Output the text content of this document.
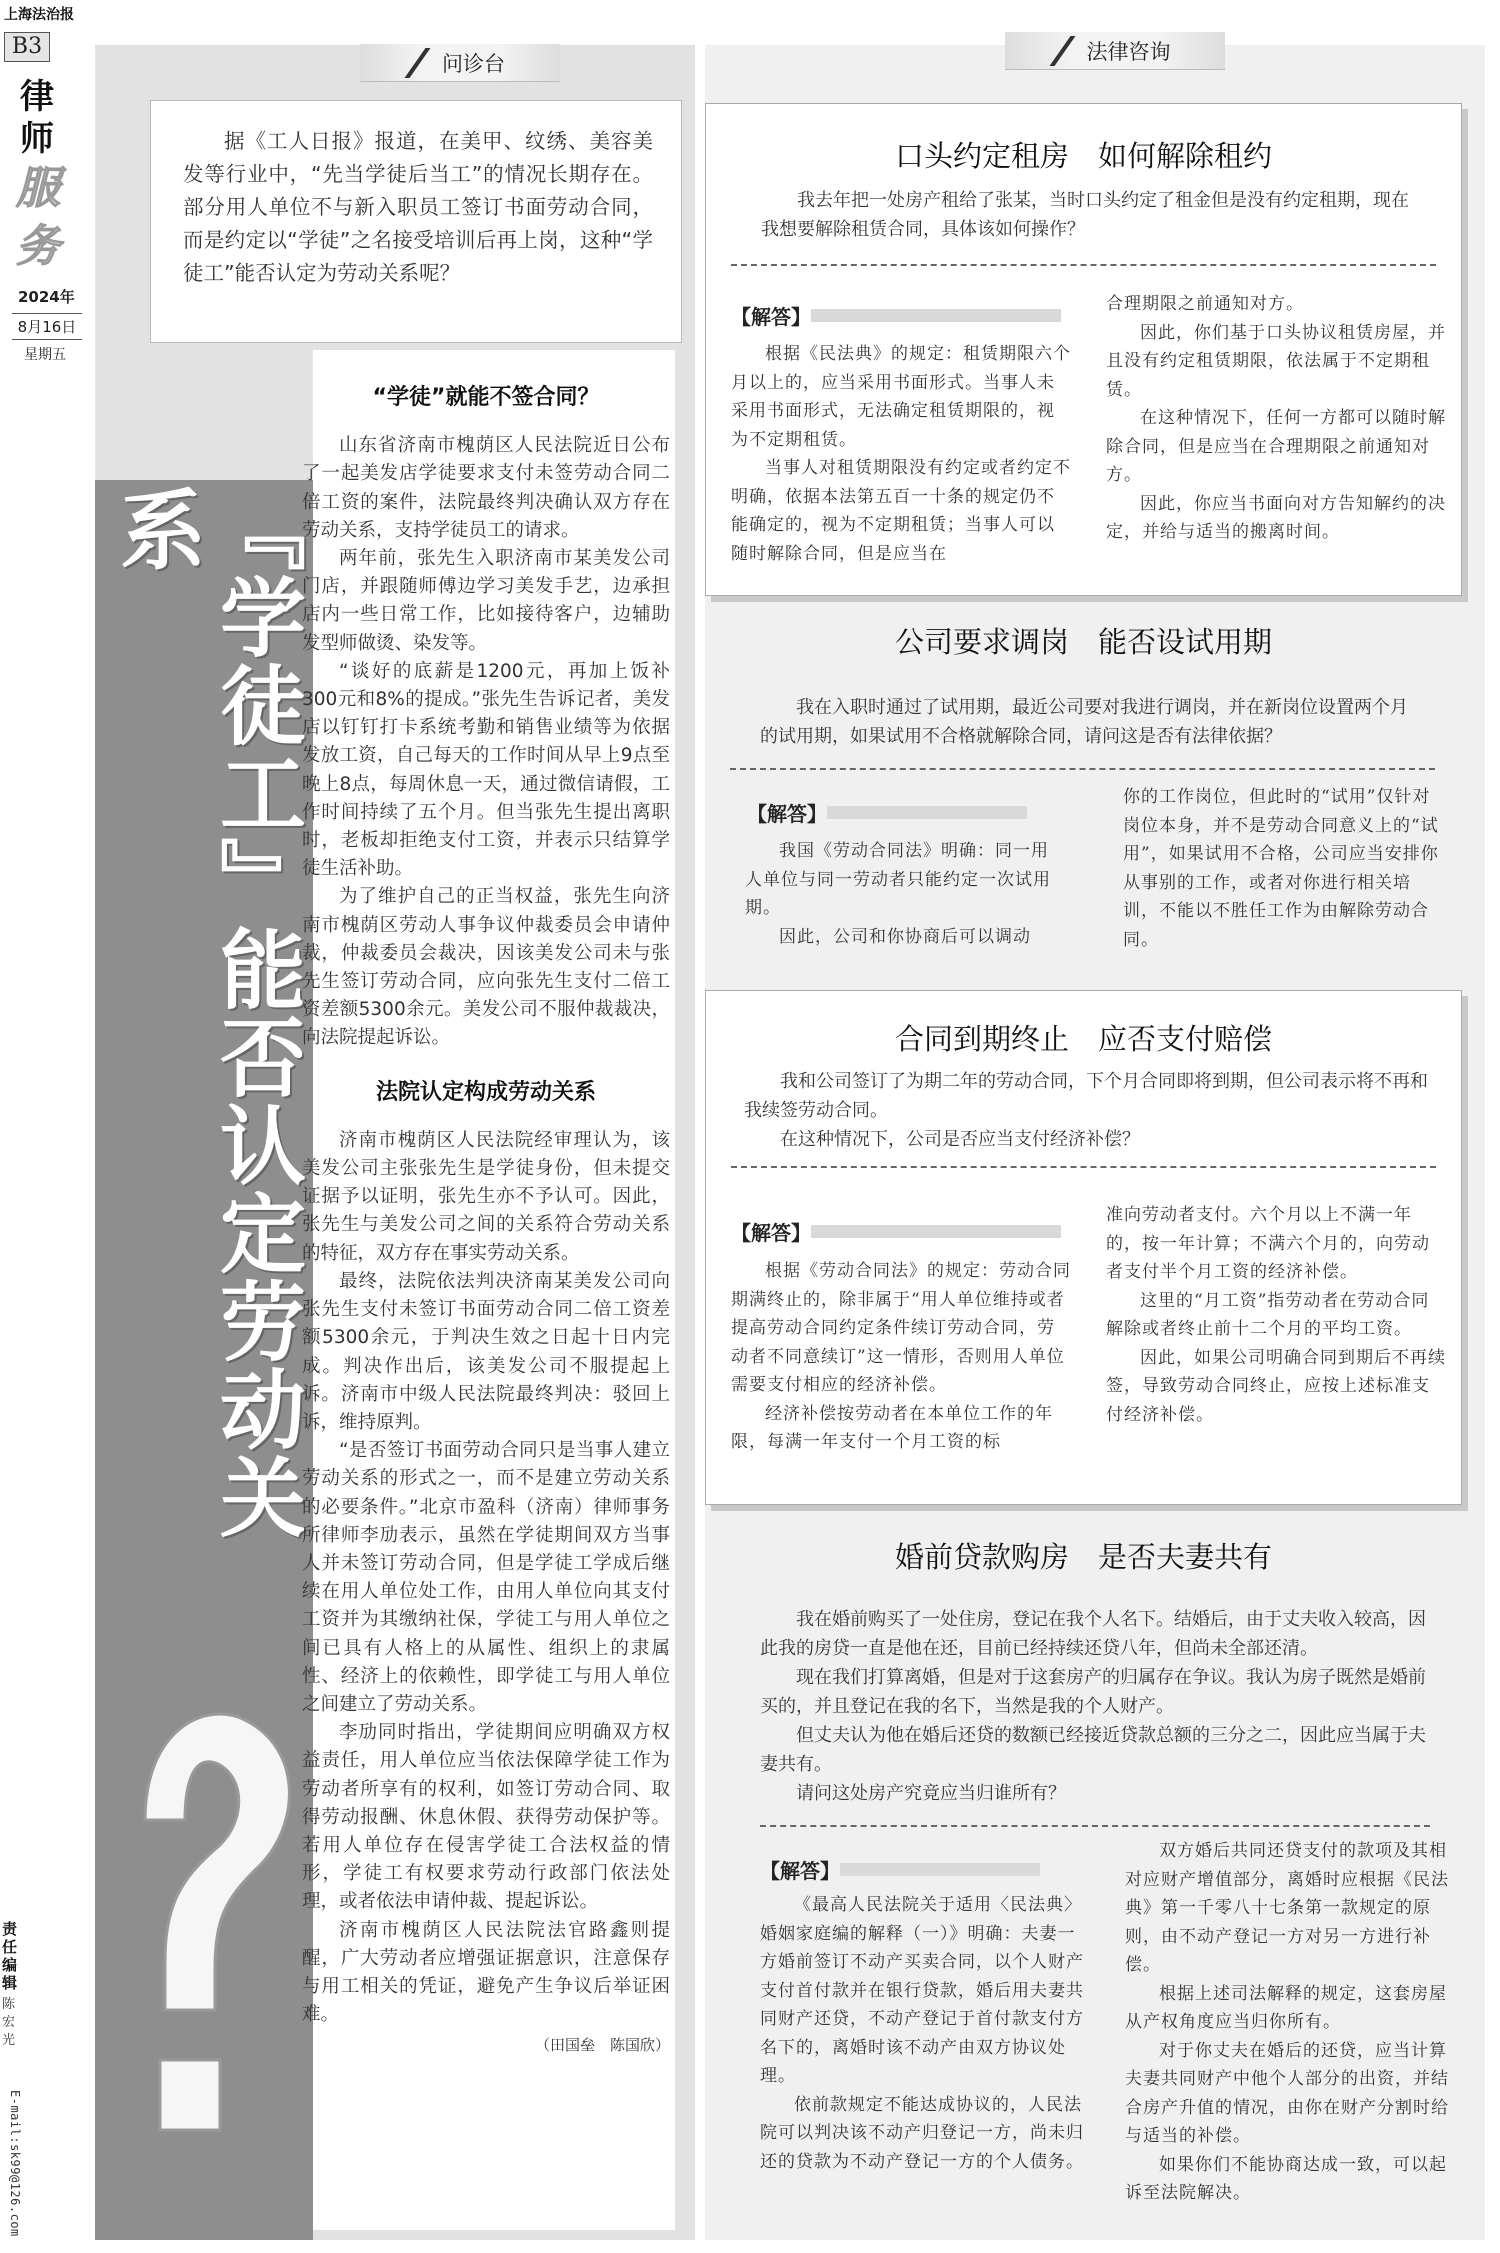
上海法治报
B3
律
师
服
务
2024年
8月16日
星期五
责任编辑
陈宏光
E-mail:sk99@126.com
『学徒工』能否认定劳动关系
问诊台
据《工人日报》报道，在美甲、纹绣、美容美发等行业中，“先当学徒后当工”的情况长期存在。部分用人单位不与新入职员工签订书面劳动合同，而是约定以“学徒”之名接受培训后再上岗，这种“学徒工”能否认定为劳动关系呢？
“学徒”就能不签合同？

山东省济南市槐荫区人民法院近日公布了一起美发店学徒要求支付未签劳动合同二倍工资的案件，法院最终判决确认双方存在劳动关系，支持学徒员工的请求。

两年前，张先生入职济南市某美发公司门店，并跟随师傅边学习美发手艺，边承担店内一些日常工作，比如接待客户，边辅助发型师做烫、染发等。

“谈好的底薪是1200元，再加上饭补300元和8%的提成。”张先生告诉记者，美发店以钉钉打卡系统考勤和销售业绩等为依据发放工资，自己每天的工作时间从早上9点至晚上8点，每周休息一天，通过微信请假，工作时间持续了五个月。但当张先生提出离职时，老板却拒绝支付工资，并表示只结算学徒生活补助。

为了维护自己的正当权益，张先生向济南市槐荫区劳动人事争议仲裁委员会申请仲裁，仲裁委员会裁决，因该美发公司未与张先生签订劳动合同，应向张先生支付二倍工资差额5300余元。美发公司不服仲裁裁决，向法院提起诉讼。

法院认定构成劳动关系

济南市槐荫区人民法院经审理认为，该美发公司主张张先生是学徒身份，但未提交证据予以证明，张先生亦不予认可。因此，张先生与美发公司之间的关系符合劳动关系的特征，双方存在事实劳动关系。

最终，法院依法判决济南某美发公司向张先生支付未签订书面劳动合同二倍工资差额5300余元，于判决生效之日起十日内完成。判决作出后，该美发公司不服提起上诉。济南市中级人民法院最终判决：驳回上诉，维持原判。

“是否签订书面劳动合同只是当事人建立劳动关系的形式之一，而不是建立劳动关系的必要条件。”北京市盈科（济南）律师事务所律师李劢表示，虽然在学徒期间双方当事人并未签订劳动合同，但是学徒工学成后继续在用人单位处工作，由用人单位向其支付工资并为其缴纳社保，学徒工与用人单位之间已具有人格上的从属性、组织上的隶属性、经济上的依赖性，即学徒工与用人单位之间建立了劳动关系。

李劢同时指出，学徒期间应明确双方权益责任，用人单位应当依法保障学徒工作为劳动者所享有的权利，如签订劳动合同、取得劳动报酬、休息休假、获得劳动保护等。若用人单位存在侵害学徒工合法权益的情形，学徒工有权要求劳动行政部门依法处理，或者依法申请仲裁、提起诉讼。

济南市槐荫区人民法院法官路鑫则提醒，广大劳动者应增强证据意识，注意保存与用工相关的凭证，避免产生争议后举证困难。

（田国垒　陈国欣）
法律咨询
口头约定租房　如何解除租约

我去年把一处房产租给了张某，当时口头约定了租金但是没有约定租期，现在我想要解除租赁合同，具体该如何操作？

【解答】

根据《民法典》的规定：租赁期限六个月以上的，应当采用书面形式。当事人未采用书面形式，无法确定租赁期限的，视为不定期租赁。

当事人对租赁期限没有约定或者约定不明确，依据本法第五百一十条的规定仍不能确定的，视为不定期租赁；当事人可以随时解除合同，但是应当在

合理期限之前通知对方。

因此，你们基于口头协议租赁房屋，并且没有约定租赁期限，依法属于不定期租赁。

在这种情况下，任何一方都可以随时解除合同，但是应当在合理期限之前通知对方。

因此，你应当书面向对方告知解约的决定，并给与适当的搬离时间。

公司要求调岗　能否设试用期

我在入职时通过了试用期，最近公司要对我进行调岗，并在新岗位设置两个月的试用期，如果试用不合格就解除合同，请问这是否有法律依据？

【解答】

我国《劳动合同法》明确：同一用人单位与同一劳动者只能约定一次试用期。

因此，公司和你协商后可以调动

你的工作岗位，但此时的“试用”仅针对岗位本身，并不是劳动合同意义上的“试用”，如果试用不合格，公司应当安排你从事别的工作，或者对你进行相关培训，不能以不胜任工作为由解除劳动合同。

合同到期终止　应否支付赔偿

我和公司签订了为期二年的劳动合同，下个月合同即将到期，但公司表示将不再和我续签劳动合同。

在这种情况下，公司是否应当支付经济补偿？

【解答】

根据《劳动合同法》的规定：劳动合同期满终止的，除非属于“用人单位维持或者提高劳动合同约定条件续订劳动合同，劳动者不同意续订”这一情形，否则用人单位需要支付相应的经济补偿。

经济补偿按劳动者在本单位工作的年限，每满一年支付一个月工资的标

准向劳动者支付。六个月以上不满一年的，按一年计算；不满六个月的，向劳动者支付半个月工资的经济补偿。

这里的“月工资”指劳动者在劳动合同解除或者终止前十二个月的平均工资。

因此，如果公司明确合同到期后不再续签，导致劳动合同终止，应按上述标准支付经济补偿。

婚前贷款购房　是否夫妻共有

我在婚前购买了一处住房，登记在我个人名下。结婚后，由于丈夫收入较高，因此我的房贷一直是他在还，目前已经持续还贷八年，但尚未全部还清。

现在我们打算离婚，但是对于这套房产的归属存在争议。我认为房子既然是婚前买的，并且登记在我的名下，当然是我的个人财产。

但丈夫认为他在婚后还贷的数额已经接近贷款总额的三分之二，因此应当属于夫妻共有。

请问这处房产究竟应当归谁所有？

【解答】

《最高人民法院关于适用〈民法典〉婚姻家庭编的解释（一）》明确：夫妻一方婚前签订不动产买卖合同，以个人财产支付首付款并在银行贷款，婚后用夫妻共同财产还贷，不动产登记于首付款支付方名下的，离婚时该不动产由双方协议处理。

依前款规定不能达成协议的，人民法院可以判决该不动产归登记一方，尚未归还的贷款为不动产登记一方的个人债务。

双方婚后共同还贷支付的款项及其相对应财产增值部分，离婚时应根据《民法典》第一千零八十七条第一款规定的原则，由不动产登记一方对另一方进行补偿。

根据上述司法解释的规定，这套房屋从产权角度应当归你所有。

对于你丈夫在婚后的还贷，应当计算夫妻共同财产中他个人部分的出资，并结合房产升值的情况，由你在财产分割时给与适当的补偿。

如果你们不能协商达成一致，可以起诉至法院解决。
